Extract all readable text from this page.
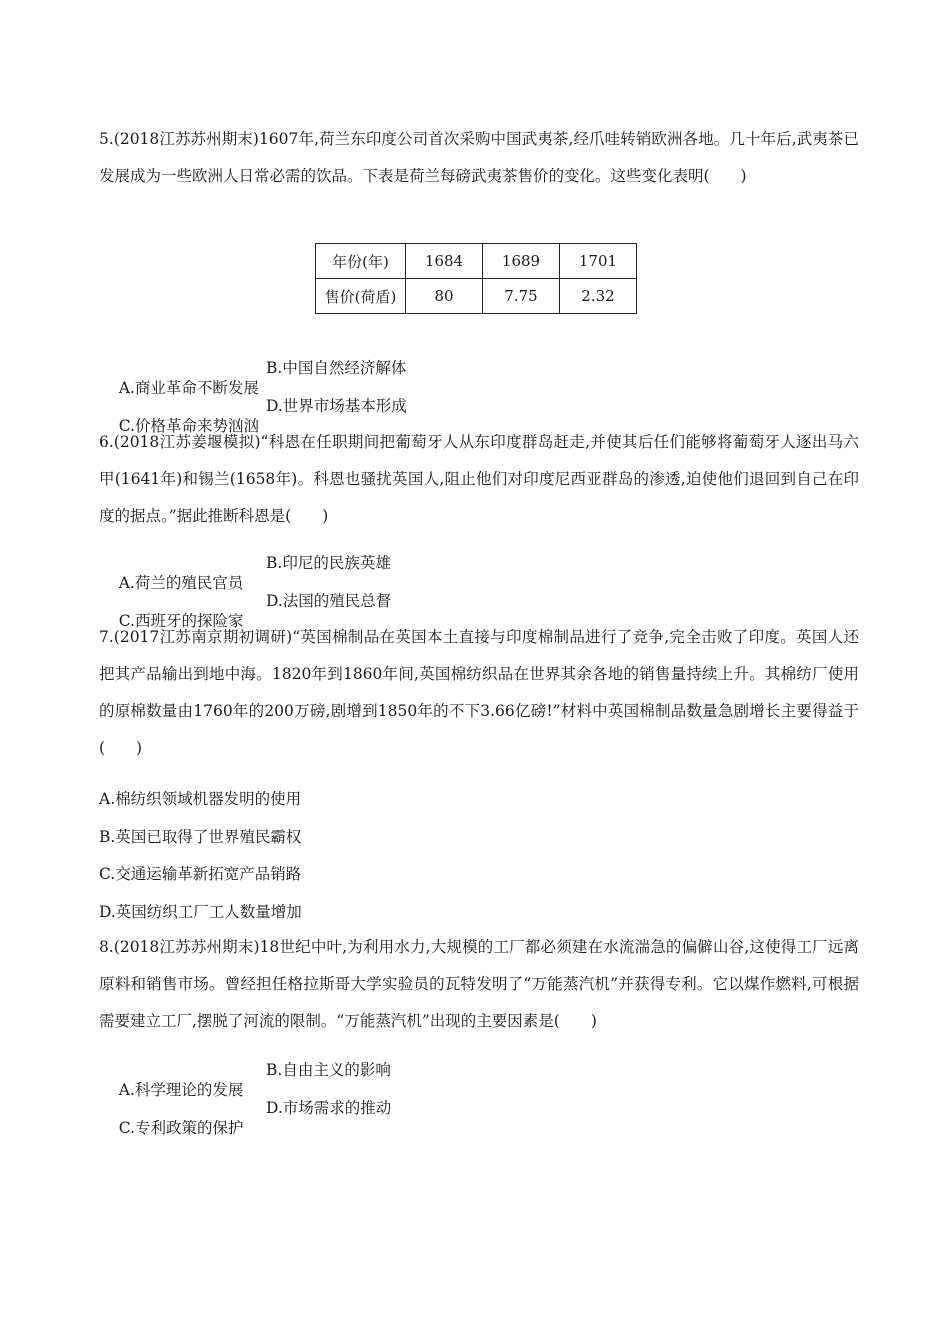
5.(2018江苏苏州期末)1607年,荷兰东印度公司首次采购中国武夷茶,经爪哇转销欧洲各地。几十年后,武夷茶已发展成为一些欧洲人日常必需的饮品。下表是荷兰每磅武夷茶售价的变化。这些变化表明(　　)
年份(年)	1684	1689	1701
售价(荷盾)	80	7.75	2.32

A.商业革命不断发展

B.中国自然经济解体

C.价格革命来势汹汹

D.世界市场基本形成

6.(2018江苏姜堰模拟)“科恩在任职期间把葡萄牙人从东印度群岛赶走,并使其后任们能够将葡萄牙人逐出马六甲(1641年)和锡兰(1658年)。科恩也骚扰英国人,阻止他们对印度尼西亚群岛的渗透,迫使他们退回到自己在印度的据点。”据此推断科恩是(　　)

A.荷兰的殖民官员

B.印尼的民族英雄

C.西班牙的探险家

D.法国的殖民总督

7.(2017江苏南京期初调研)“英国棉制品在英国本土直接与印度棉制品进行了竞争,完全击败了印度。英国人还把其产品输出到地中海。1820年到1860年间,英国棉纺织品在世界其余各地的销售量持续上升。其棉纺厂使用的原棉数量由1760年的200万磅,剧增到1850年的不下3.66亿磅!”材料中英国棉制品数量急剧增长主要得益于(　　)
A.棉纺织领域机器发明的使用
B.英国已取得了世界殖民霸权
C.交通运输革新拓宽产品销路
D.英国纺织工厂工人数量增加
8.(2018江苏苏州期末)18世纪中叶,为利用水力,大规模的工厂都必须建在水流湍急的偏僻山谷,这使得工厂远离原料和销售市场。曾经担任格拉斯哥大学实验员的瓦特发明了“万能蒸汽机”并获得专利。它以煤作燃料,可根据需要建立工厂,摆脱了河流的限制。“万能蒸汽机”出现的主要因素是(　　)

A.科学理论的发展

B.自由主义的影响

C.专利政策的保护

D.市场需求的推动
